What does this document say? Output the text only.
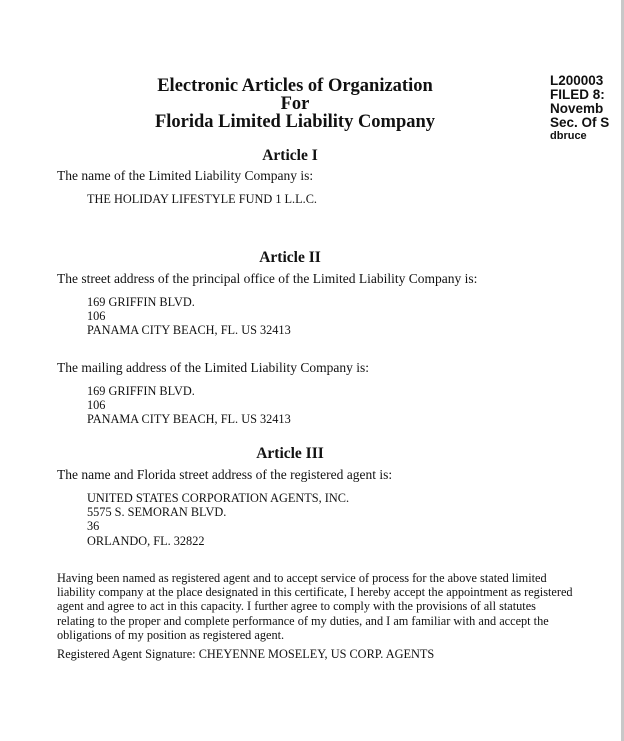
L200003
FILED 8:
Novemb
Sec. Of S
dbruce
Electronic Articles of Organization
For
Florida Limited Liability Company
Article I
The name of the Limited Liability Company is:
THE HOLIDAY LIFESTYLE FUND 1 L.L.C.
Article II
The street address of the principal office of the Limited Liability Company is:
169 GRIFFIN BLVD.
106
PANAMA CITY BEACH, FL. US 32413
The mailing address of the Limited Liability Company is:
169 GRIFFIN BLVD.
106
PANAMA CITY BEACH, FL. US 32413
Article III
The name and Florida street address of the registered agent is:
UNITED STATES CORPORATION AGENTS, INC.
5575 S. SEMORAN BLVD.
36
ORLANDO, FL. 32822
Having been named as registered agent and to accept service of process for the above stated limited
liability company at the place designated in this certificate, I hereby accept the appointment as registered
agent and agree to act in this capacity. I further agree to comply with the provisions of all statutes
relating to the proper and complete performance of my duties, and I am familiar with and accept the
obligations of my position as registered agent.
Registered Agent Signature: CHEYENNE MOSELEY, US CORP. AGENTS
